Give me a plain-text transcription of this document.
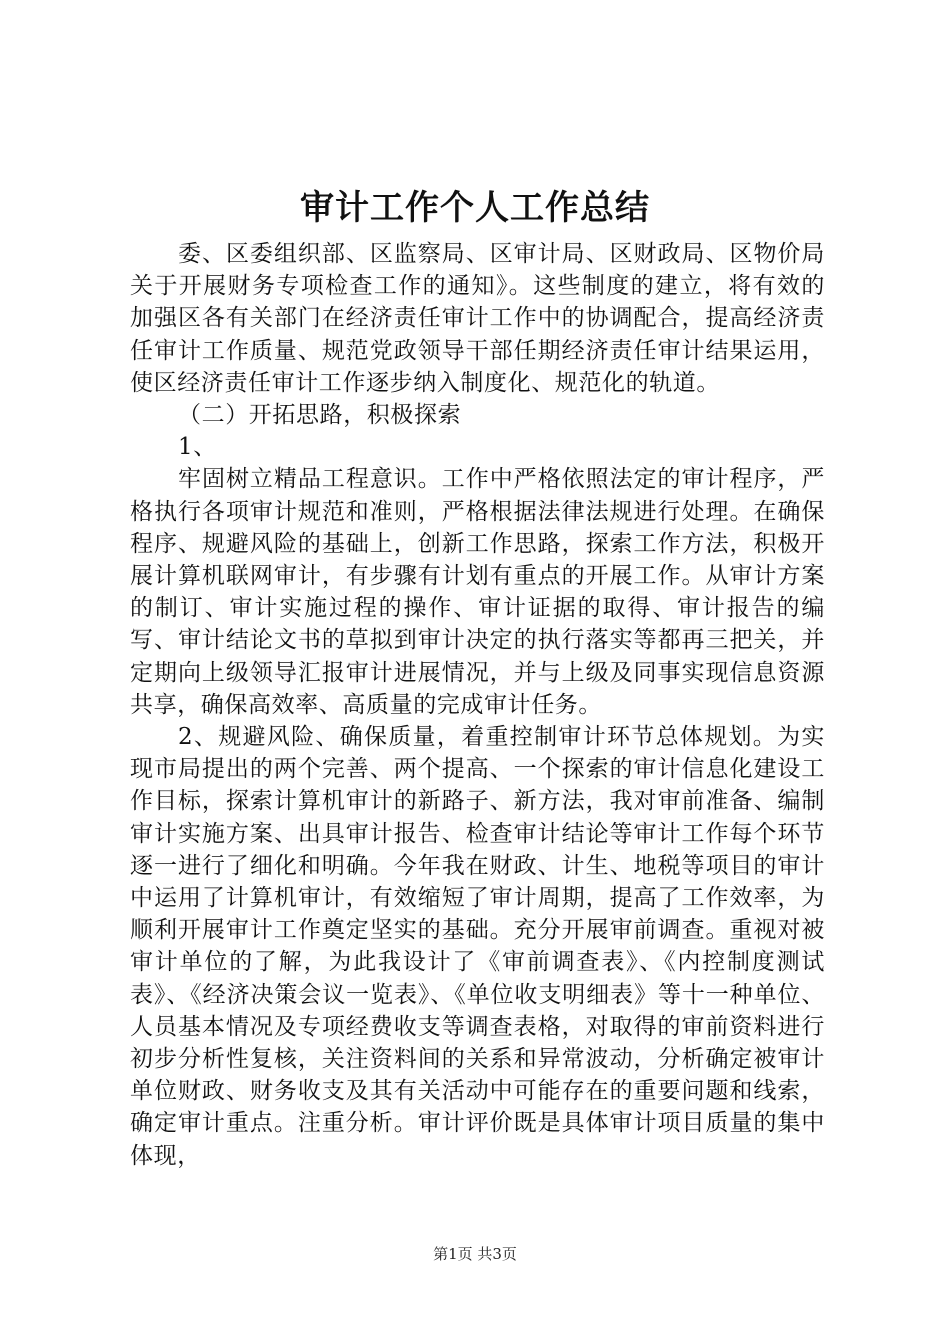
审计工作个人工作总结

委、区委组织部、区监察局、区审计局、区财政局、区物价局关于开展财务专项检查工作的通知》。这些制度的建立，将有效的加强区各有关部门在经济责任审计工作中的协调配合，提高经济责任审计工作质量、规范党政领导干部任期经济责任审计结果运用，使区经济责任审计工作逐步纳入制度化、规范化的轨道。

（二）开拓思路，积极探索

1、

牢固树立精品工程意识。工作中严格依照法定的审计程序，严格执行各项审计规范和准则，严格根据法律法规进行处理。在确保程序、规避风险的基础上，创新工作思路，探索工作方法，积极开展计算机联网审计，有步骤有计划有重点的开展工作。从审计方案的制订、审计实施过程的操作、审计证据的取得、审计报告的编写、审计结论文书的草拟到审计决定的执行落实等都再三把关，并定期向上级领导汇报审计进展情况，并与上级及同事实现信息资源共享，确保高效率、高质量的完成审计任务。

2、规避风险、确保质量，着重控制审计环节总体规划。为实现市局提出的两个完善、两个提高、一个探索的审计信息化建设工作目标，探索计算机审计的新路子、新方法，我对审前准备、编制审计实施方案、出具审计报告、检查审计结论等审计工作每个环节逐一进行了细化和明确。今年我在财政、计生、地税等项目的审计中运用了计算机审计，有效缩短了审计周期，提高了工作效率，为顺利开展审计工作奠定坚实的基础。充分开展审前调查。重视对被审计单位的了解，为此我设计了《审前调查表》、《内控制度测试表》、《经济决策会议一览表》、《单位收支明细表》等十一种单位、人员基本情况及专项经费收支等调查表格，对取得的审前资料进行初步分析性复核，关注资料间的关系和异常波动，分析确定被审计单位财政、财务收支及其有关活动中可能存在的重要问题和线索，确定审计重点。注重分析。审计评价既是具体审计项目质量的集中体现，

第1页 共3页
